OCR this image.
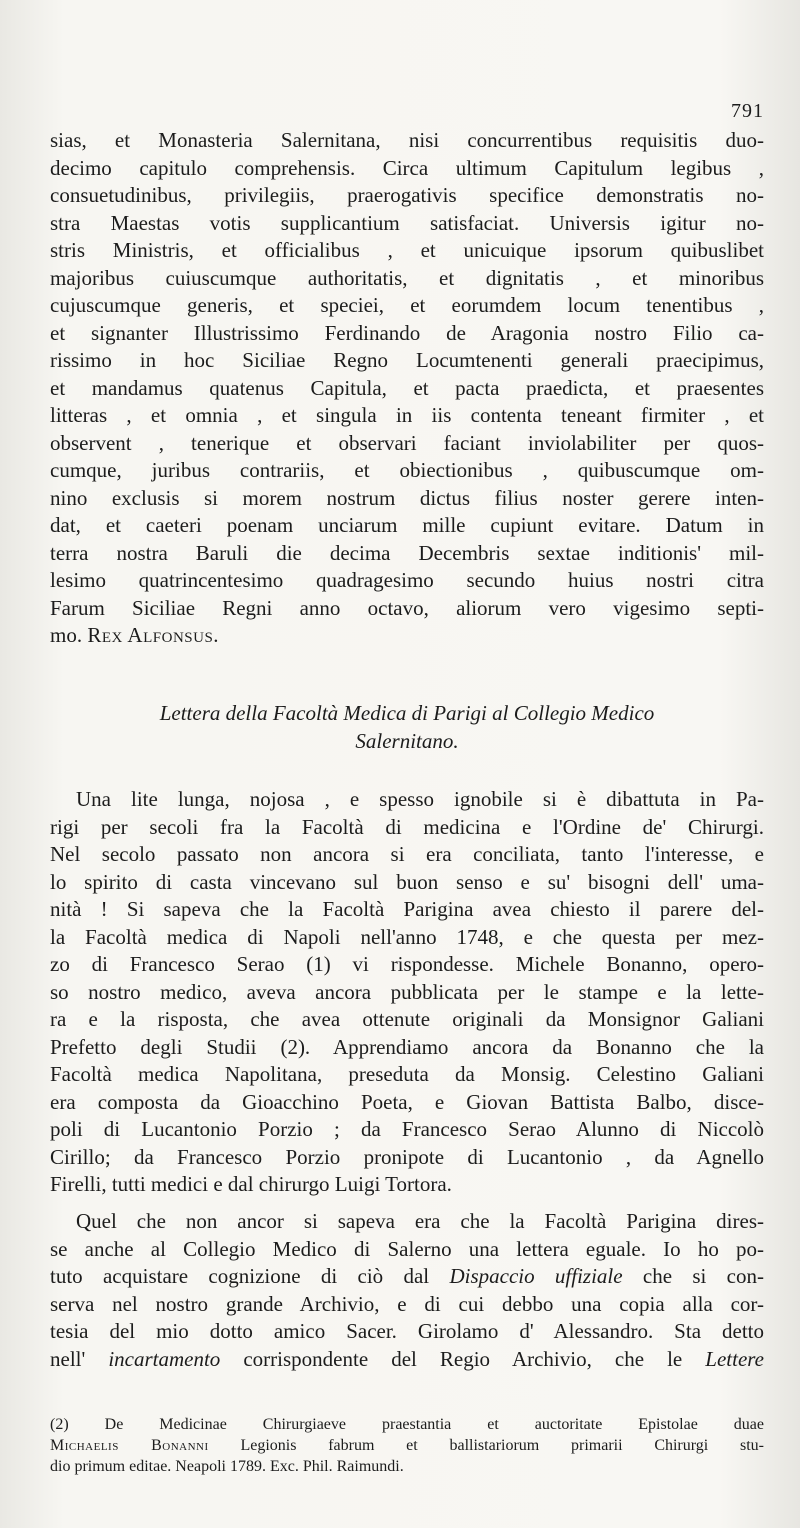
791
sias, et Monasteria Salernitana, nisi concurrentibus requisitis duo-
decimo capitulo comprehensis. Circa ultimum Capitulum legibus ,
consuetudinibus, privilegiis, praerogativis specifice demonstratis no-
stra Maestas votis supplicantium satisfaciat. Universis igitur no-
stris Ministris, et officialibus , et unicuique ipsorum quibuslibet
majoribus cuiuscumque authoritatis, et dignitatis , et minoribus
cujuscumque generis, et speciei, et eorumdem locum tenentibus ,
et signanter Illustrissimo Ferdinando de Aragonia nostro Filio ca-
rissimo in hoc Siciliae Regno Locumtenenti generali praecipimus,
et mandamus quatenus Capitula, et pacta praedicta, et praesentes
litteras , et omnia , et singula in iis contenta teneant firmiter , et
observent , tenerique et observari faciant inviolabiliter per quos-
cumque, juribus contrariis, et obiectionibus , quibuscumque om-
nino exclusis si morem nostrum dictus filius noster gerere inten-
dat, et caeteri poenam unciarum mille cupiunt evitare. Datum in
terra nostra Baruli die decima Decembris sextae inditionis' mil-
lesimo quatrincentesimo quadragesimo secundo huius nostri citra
Farum Siciliae Regni anno octavo, aliorum vero vigesimo septi-
mo. Rex Alfonsus.
Lettera della Facoltà Medica di Parigi al Collegio Medico
Salernitano.
Una lite lunga, nojosa , e spesso ignobile si è dibattuta in Pa-
rigi per secoli fra la Facoltà di medicina e l'Ordine de' Chirurgi.
Nel secolo passato non ancora si era conciliata, tanto l'interesse, e
lo spirito di casta vincevano sul buon senso e su' bisogni dell' uma-
nità ! Si sapeva che la Facoltà Parigina avea chiesto il parere del-
la Facoltà medica di Napoli nell'anno 1748, e che questa per mez-
zo di Francesco Serao (1) vi rispondesse. Michele Bonanno, opero-
so nostro medico, aveva ancora pubblicata per le stampe e la lette-
ra e la risposta, che avea ottenute originali da Monsignor Galiani
Prefetto degli Studii (2). Apprendiamo ancora da Bonanno che la
Facoltà medica Napolitana, preseduta da Monsig. Celestino Galiani
era composta da Gioacchino Poeta, e Giovan Battista Balbo, disce-
poli di Lucantonio Porzio ; da Francesco Serao Alunno di Niccolò
Cirillo; da Francesco Porzio pronipote di Lucantonio , da Agnello
Firelli, tutti medici e dal chirurgo Luigi Tortora.
Quel che non ancor si sapeva era che la Facoltà Parigina dires-
se anche al Collegio Medico di Salerno una lettera eguale. Io ho po-
tuto acquistare cognizione di ciò dal Dispaccio uffiziale che si con-
serva nel nostro grande Archivio, e di cui debbo una copia alla cor-
tesia del mio dotto amico Sacer. Girolamo d' Alessandro. Sta detto
nell' incartamento corrispondente del Regio Archivio, che le Lettere
(2) De Medicinae Chirurgiaeve praestantia et auctoritate Epistolae duae
Michaelis Bonanni Legionis fabrum et ballistariorum primarii Chirurgi stu-
dio primum editae. Neapoli 1789. Exc. Phil. Raimundi.
